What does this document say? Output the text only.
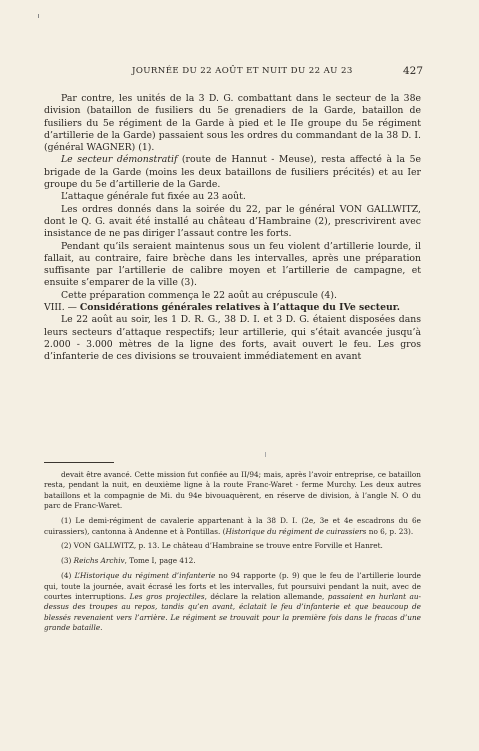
JOURNÉE DU 22 AOÛT ET NUIT DU 22 AU 23	427

Par contre, les unités de la 3 D. G. combattant dans le secteur de la 38e division (bataillon de fusiliers du 5e grenadiers de la Garde, bataillon de fusiliers du 5e régiment de la Garde à pied et le IIe groupe du 5e régiment d’artillerie de la Garde) passaient sous les ordres du commandant de la 38 D. I. (général WAGNER) (1).

Le secteur démonstratif (route de Hannut - Meuse), resta affecté à la 5e brigade de la Garde (moins les deux bataillons de fusiliers précités) et au Ier groupe du 5e d’artillerie de la Garde.

L’attaque générale fut fixée au 23 août.

Les ordres donnés dans la soirée du 22, par le général VON GALLWITZ, dont le Q. G. avait été installé au château d’Hambraine (2), prescrivirent avec insistance de ne pas diriger l’assaut contre les forts.

Pendant qu’ils seraient maintenus sous un feu violent d’artillerie lourde, il fallait, au contraire, faire brèche dans les intervalles, après une préparation suffisante par l’artillerie de calibre moyen et l’artillerie de campagne, et ensuite s’emparer de la ville (3).

Cette préparation commença le 22 août au crépuscule (4).

VIII. — Considérations générales relatives à l’attaque du IVe secteur.

Le 22 août au soir, les 1 D. R. G., 38 D. I. et 3 D. G. étaient disposées dans leurs secteurs d’attaque respectifs; leur artillerie, qui s’était avancée jusqu’à 2.000 - 3.000 mètres de la ligne des forts, avait ouvert le feu. Les gros d’infanterie de ces divisions se trouvaient immédiatement en avant

devait être avancé. Cette mission fut confiée au II/94; mais, après l’avoir entreprise, ce bataillon resta, pendant la nuit, en deuxième ligne à la route Franc-Waret - ferme Murchy. Les deux autres bataillons et la compagnie de Mi. du 94e bivouaquèrent, en réserve de division, à l’angle N. O du parc de Franc-Waret.

(1) Le demi-régiment de cavalerie appartenant à la 38 D. I. (2e, 3e et 4e escadrons du 6e cuirassiers), cantonna à Andenne et à Pontillas. (Historique du régiment de cuirassiers no 6, p. 23).

(2) VON GALLWITZ, p. 13. Le château d’Hambraine se trouve entre Forville et Hanret.

(3) Reichs Archiv, Tome I, page 412.

(4) L’Historique du régiment d’infanterie no 94 rapporte (p. 9) que le feu de l’artillerie lourde qui, toute la journée, avait écrasé les forts et les intervalles, fut poursuivi pendant la nuit, avec de courtes interruptions. Les gros projectiles, déclare la relation allemande, passaient en hurlant au-dessus des troupes au repos, tandis qu’en avant, éclatait le feu d’infanterie et que beaucoup de blessés revenaient vers l’arrière. Le régiment se trouvait pour la première fois dans le fracas d’une grande bataille.
